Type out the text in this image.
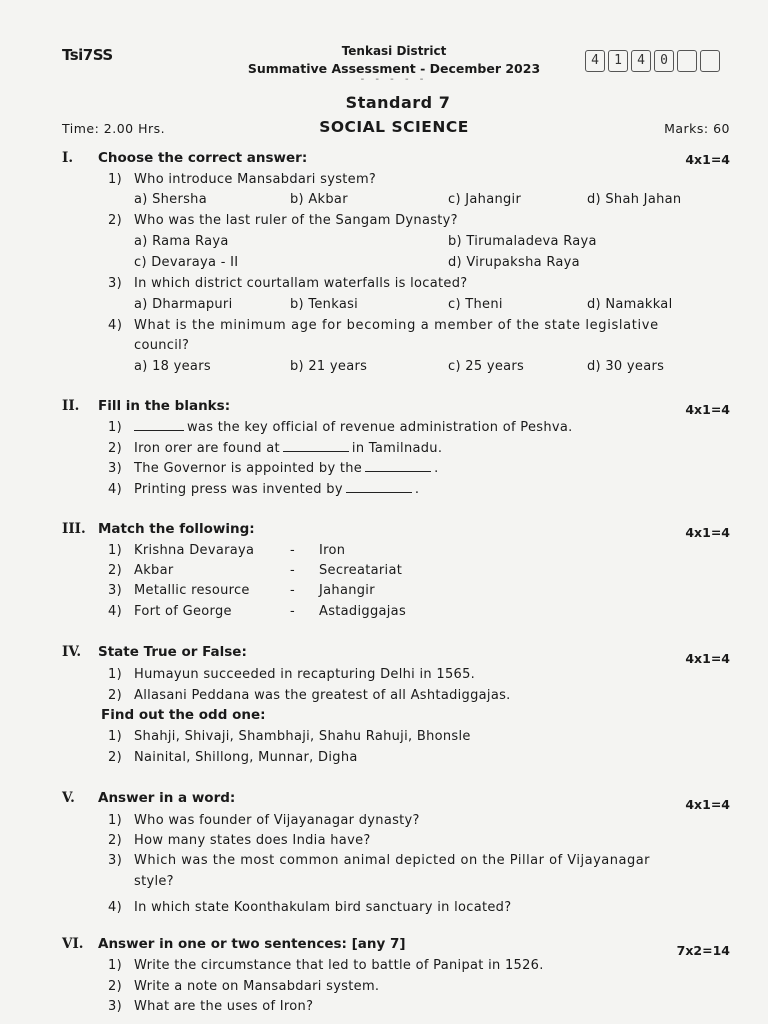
Tsi7SS	Tenkasi District
Summative Assessment - December 2023
- - - - -
4	1	4	0
Standard 7
Time: 2.00 Hrs.	SOCIAL SCIENCE	Marks: 60
I. Choose the correct answer:	4x1=4
1) Who introduce Mansabdari system?
a) Shersha	b) Akbar	c) Jahangir	d) Shah Jahan
2) Who was the last ruler of the Sangam Dynasty?
a) Rama Raya	b) Tirumaladeva Raya
c) Devaraya - II	d) Virupaksha Raya
3) In which district courtallam waterfalls is located?
a) Dharmapuri	b) Tenkasi	c) Theni	d) Namakkal
4) What is the minimum age for becoming a member of the state legislative
council?
a) 18 years	b) 21 years	c) 25 years	d) 30 years
II. Fill in the blanks:	4x1=4
1)	was the key official of revenue administration of Peshva.
2) Iron orer are found at	in Tamilnadu.
3) The Governor is appointed by the	.
4) Printing press was invented by	.
III. Match the following:	4x1=4
1) Krishna Devaraya	- Iron
2) Akbar	- Secreatariat
3) Metallic resource	- Jahangir
4) Fort of George	- Astadiggajas
IV. State True or False:	4x1=4
1) Humayun succeeded in recapturing Delhi in 1565.
2) Allasani Peddana was the greatest of all Ashtadiggajas.
Find out the odd one:
1) Shahji, Shivaji, Shambhaji, Shahu Rahuji, Bhonsle
2) Nainital, Shillong, Munnar, Digha
V. Answer in a word:	4x1=4
1) Who was founder of Vijayanagar dynasty?
2) How many states does India have?
3) Which was the most common animal depicted on the Pillar of Vijayanagar
style?
4) In which state Koonthakulam bird sanctuary in located?
VI. Answer in one or two sentences: [any 7]	7x2=14
1) Write the circumstance that led to battle of Panipat in 1526.
2) Write a note on Mansabdari system.
3) What are the uses of Iron?
